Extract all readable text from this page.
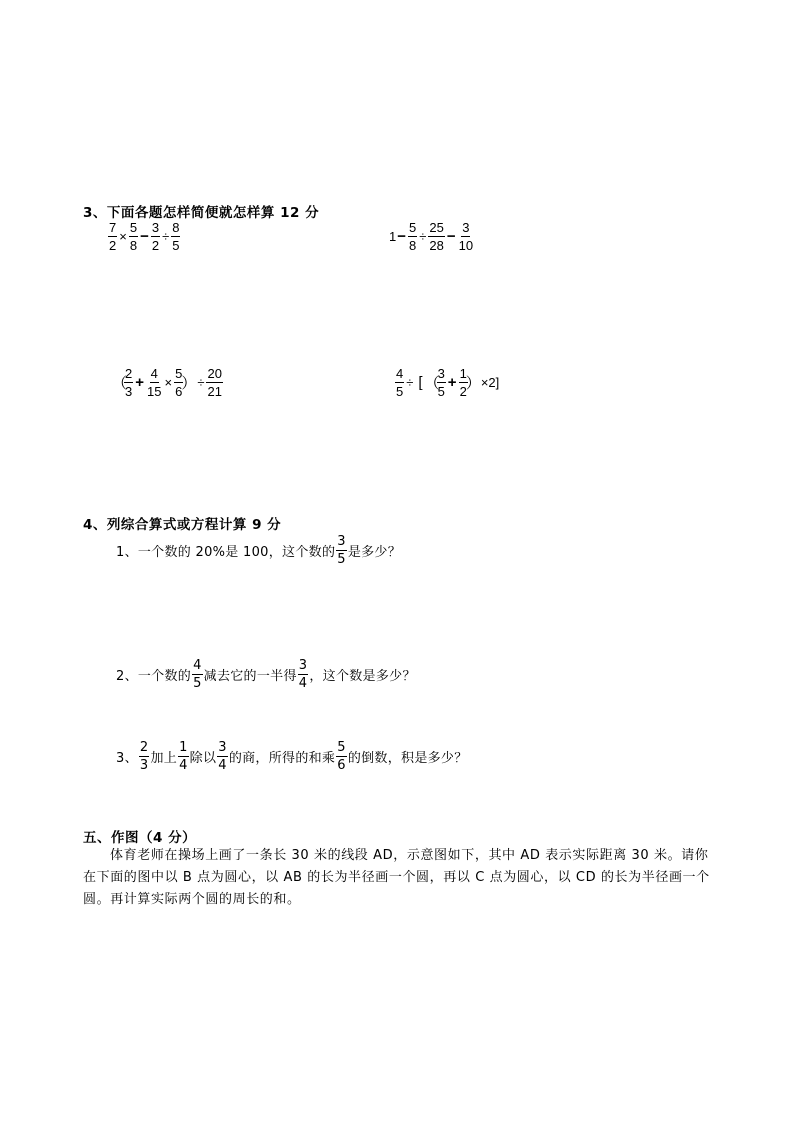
3、下面各题怎样简便就怎样算 12 分
$\frac{7}{2} \times \frac{5}{8} - \frac{3}{2} \div \frac{8}{5}$	$1 - \frac{5}{8} \div \frac{25}{28} - \frac{3}{10}$
（
$\frac{2}{3} + \frac{4}{15} \times \frac{5}{6}$
） ÷ $\frac{20}{21}$	$\frac{4}{5}$ ÷ [ （
$\frac{3}{5} + \frac{1}{2}$
） ×2]
4、列综合算式或方程计算 9 分
1、一个数的 20%是 100，这个数的 $\frac{3}{5}$ 是多少？
2、一个数的 $\frac{4}{5}$ 减去它的一半得 $\frac{3}{4}$ ，这个数是多少？
3、 $\frac{2}{3}$ 加上 $\frac{1}{4}$ 除以 $\frac{3}{4}$ 的商，所得的和乘 $\frac{5}{6}$ 的倒数，积是多少？
五、作图（4 分）
体育老师在操场上画了一条长 30 米的线段 AD，示意图如下，其中 AD 表示实际距离 30 米。请你在下面的图中以 B 点为圆心，以 AB 的长为半径画一个圆，再以 C 点为圆心，以 CD 的长为半径画一个圆。再计算实际两个圆的周长的和。
